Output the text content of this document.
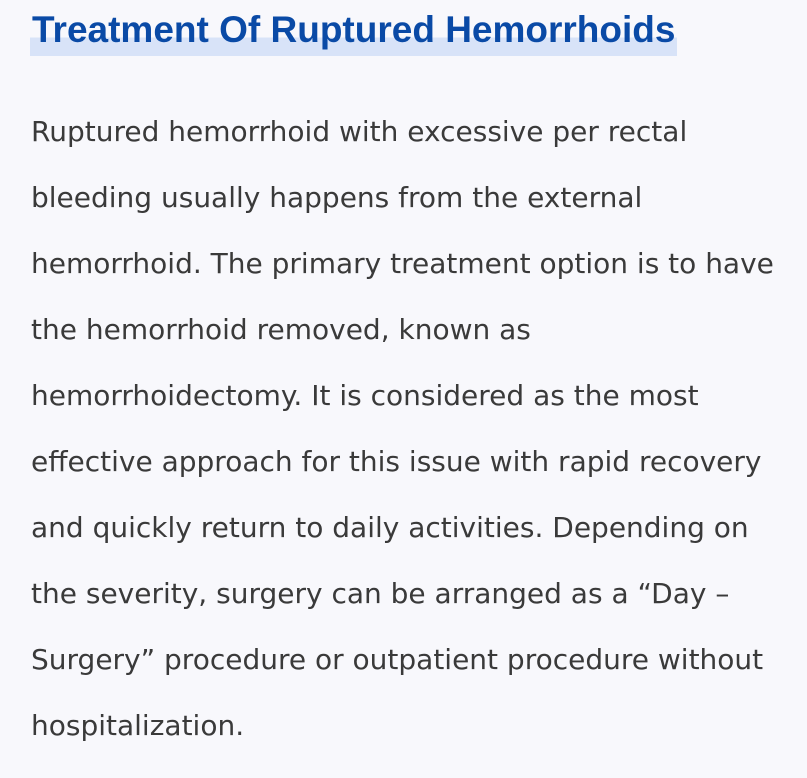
Treatment Of Ruptured Hemorrhoids

Ruptured hemorrhoid with excessive per rectal
bleeding usually happens from the external
hemorrhoid. The primary treatment option is to have
the hemorrhoid removed, known as
hemorrhoidectomy. It is considered as the most
effective approach for this issue with rapid recovery
and quickly return to daily activities. Depending on
the severity, surgery can be arranged as a “Day –
Surgery” procedure or outpatient procedure without
hospitalization.
